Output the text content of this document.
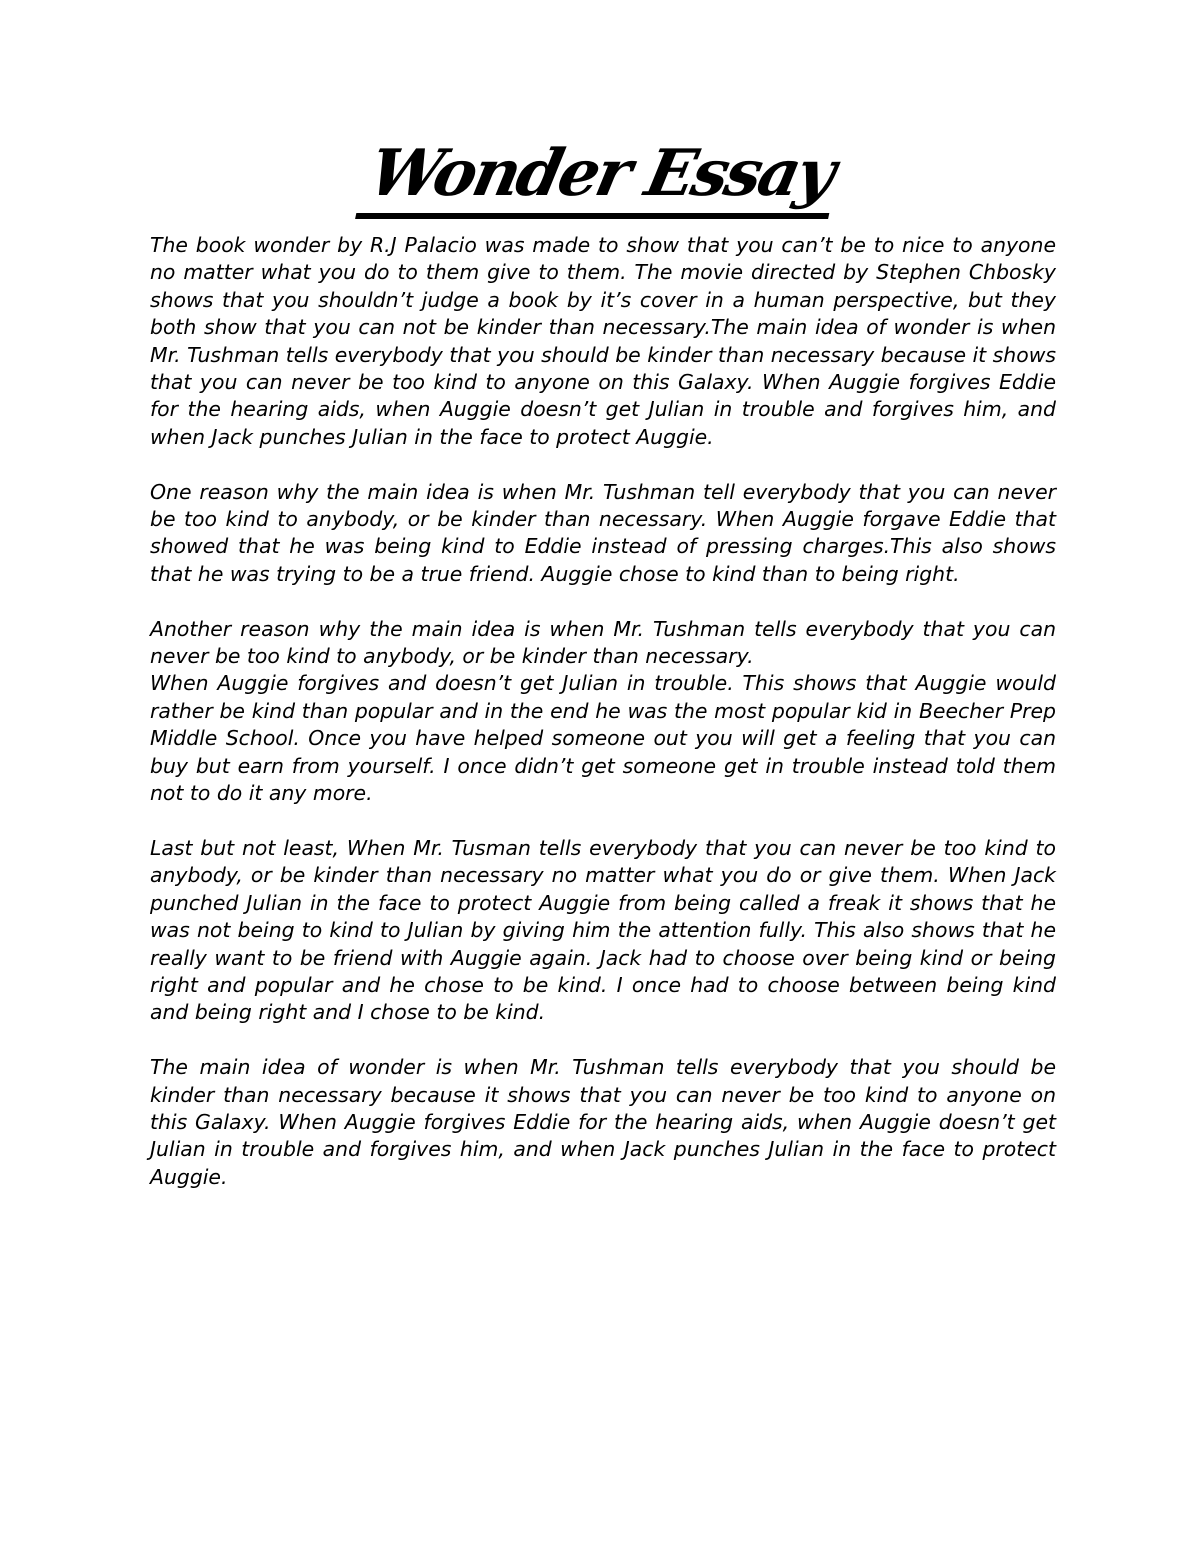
Wonder Essay

The book wonder by R.J Palacio was made to show that you can’t be to nice to anyone no matter what you do to them give to them. The movie directed by Stephen Chbosky shows that you shouldn’t judge a book by it’s cover in a human perspective, but they both show that you can not be kinder than necessary.The main idea of wonder is when Mr. Tushman tells everybody that you should be kinder than necessary because it shows that you can never be too kind to anyone on this Galaxy. When Auggie forgives Eddie for the hearing aids, when Auggie doesn’t get Julian in trouble and forgives him, and when Jack punches Julian in the face to protect Auggie.

One reason why the main idea is when Mr. Tushman tell everybody that you can never be too kind to anybody, or be kinder than necessary. When Auggie forgave Eddie that showed that he was being kind to Eddie instead of pressing charges.This also shows that he was trying to be a true friend. Auggie chose to kind than to being right.

Another reason why the main idea is when Mr. Tushman tells everybody that you can never be too kind to anybody, or be kinder than necessary.
When Auggie forgives and doesn’t get Julian in trouble. This shows that Auggie would rather be kind than popular and in the end he was the most popular kid in Beecher Prep Middle School. Once you have helped someone out you will get a feeling that you can buy but earn from yourself. I once didn’t get someone get in trouble instead told them not to do it any more.

Last but not least, When Mr. Tusman tells everybody that you can never be too kind to anybody, or be kinder than necessary no matter what you do or give them. When Jack punched Julian in the face to protect Auggie from being called a freak it shows that he was not being to kind to Julian by giving him the attention fully. This also shows that he really want to be friend with Auggie again. Jack had to choose over being kind or being right and popular and he chose to be kind. I once had to choose between being kind and being right and I chose to be kind.

The main idea of wonder is when Mr. Tushman tells everybody that you should be kinder than necessary because it shows that you can never be too kind to anyone on this Galaxy. When Auggie forgives Eddie for the hearing aids, when Auggie doesn’t get Julian in trouble and forgives him, and when Jack punches Julian in the face to protect Auggie.
